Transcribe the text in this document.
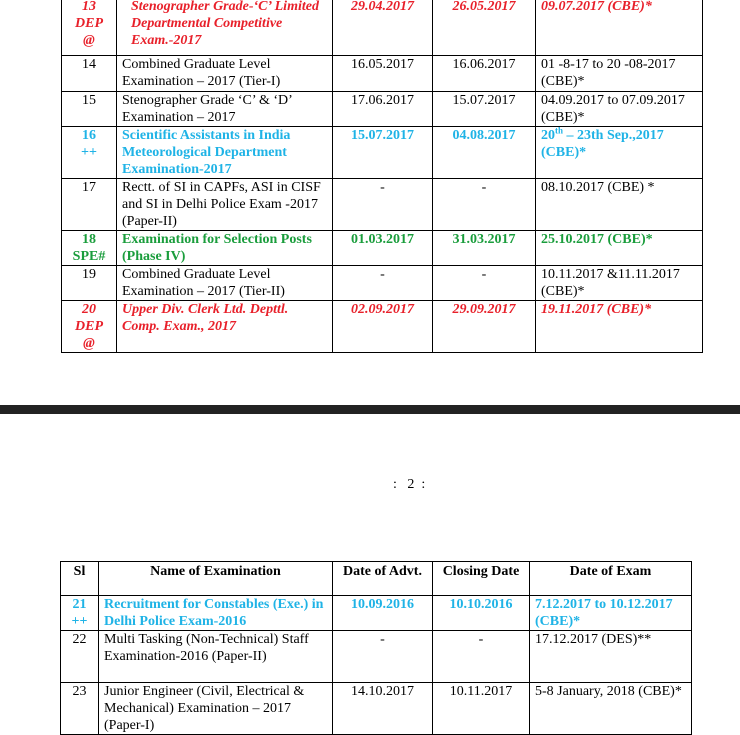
13
DEP
@	Stenographer Grade-‘C’ Limited Departmental Competitive Exam.-2017	29.04.2017	26.05.2017	09.07.2017 (CBE)*
14	Combined Graduate Level Examination – 2017 (Tier-I)	16.05.2017	16.06.2017	01 -8-17 to 20 -08-2017 (CBE)*
15	Stenographer Grade ‘C’ & ‘D’ Examination – 2017	17.06.2017	15.07.2017	04.09.2017 to 07.09.2017 (CBE)*

16
++	Scientific Assistants in India Meteorological Department Examination-2017	15.07.2017	04.08.2017	20th – 23th Sep.,2017 (CBE)*
17	Rectt. of SI in CAPFs, ASI in CISF and SI in Delhi Police Exam -2017 (Paper-II)	-	-	08.10.2017 (CBE) *

18
SPE#	Examination for Selection Posts (Phase IV)	01.03.2017	31.03.2017	25.10.2017 (CBE)*
19	Combined Graduate Level Examination – 2017 (Tier-II)	-	-	10.11.2017 &11.11.2017 (CBE)*

20
DEP
@	Upper Div. Clerk Ltd. Depttl. Comp. Exam., 2017	02.09.2017	29.09.2017	19.11.2017 (CBE)*
:   2  :
Sl	Name of Examination	Date of Advt.	Closing Date	Date of Exam

21
++	Recruitment for Constables (Exe.) in Delhi Police Exam-2016	10.09.2016	10.10.2016	7.12.2017 to 10.12.2017 (CBE)*
22	Multi Tasking (Non-Technical) Staff Examination-2016 (Paper-II)	-	-	17.12.2017 (DES)**
23	Junior Engineer (Civil, Electrical & Mechanical) Examination – 2017 (Paper-I)	14.10.2017	10.11.2017	5-8 January, 2018 (CBE)*
